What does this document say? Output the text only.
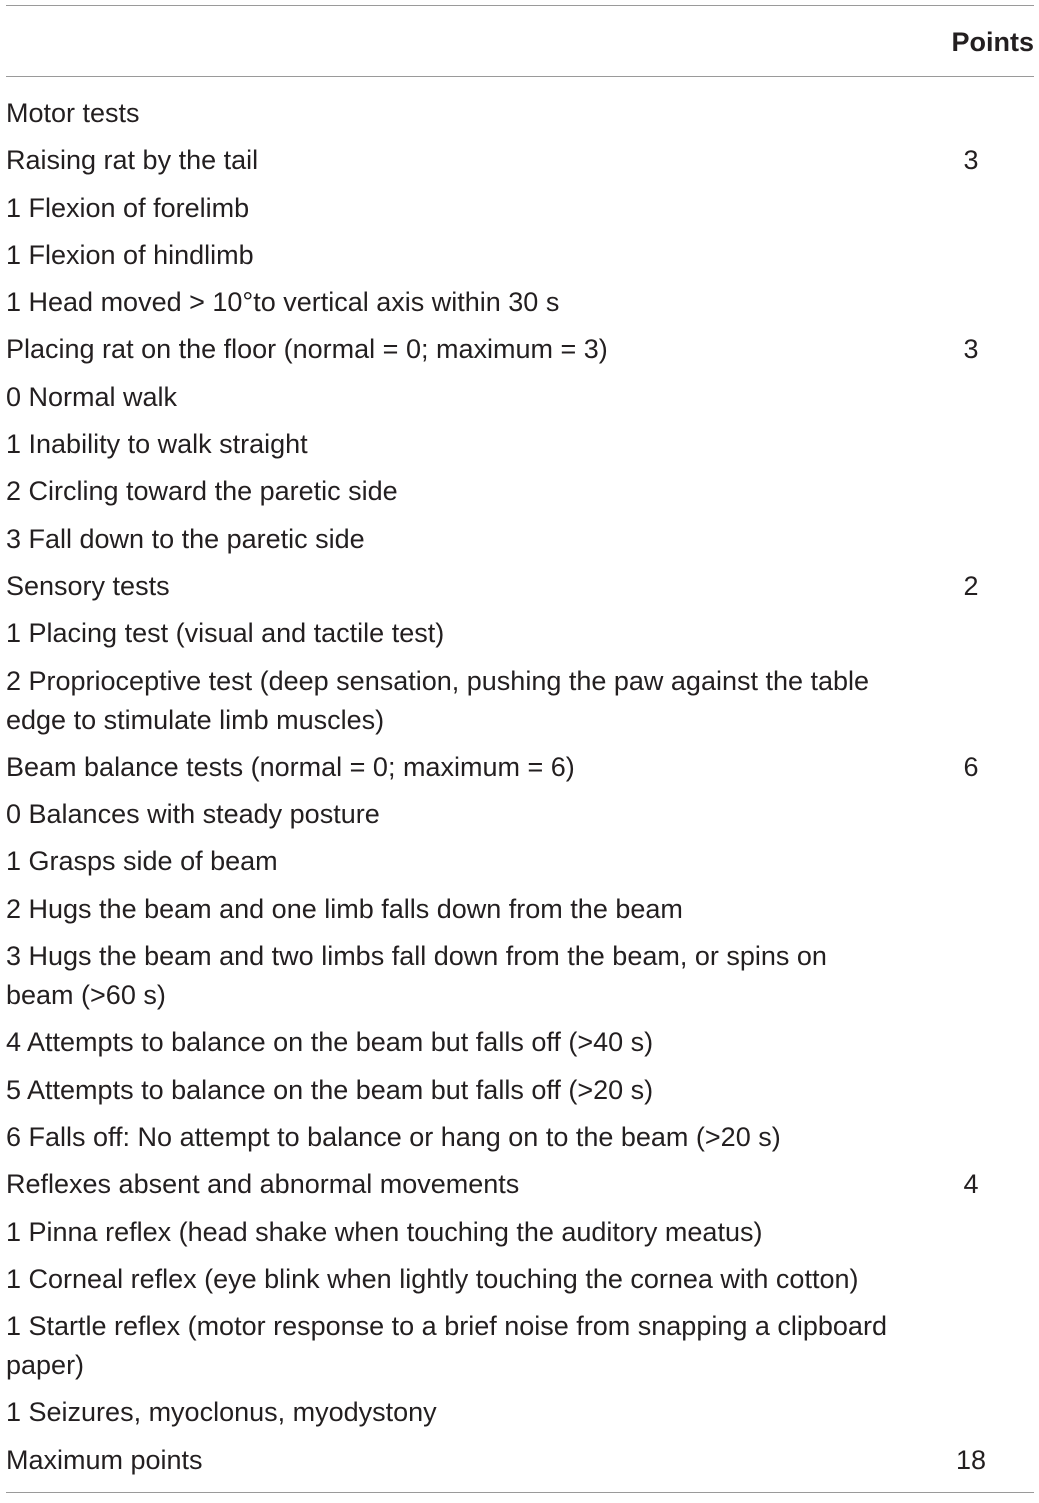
Points
Motor tests
Raising rat by the tail	3
1 Flexion of forelimb
1 Flexion of hindlimb
1 Head moved > 10°to vertical axis within 30 s
Placing rat on the floor (normal = 0; maximum = 3)	3
0 Normal walk
1 Inability to walk straight
2 Circling toward the paretic side
3 Fall down to the paretic side
Sensory tests	2
1 Placing test (visual and tactile test)
2 Proprioceptive test (deep sensation, pushing the paw against the table edge to stimulate limb muscles)
Beam balance tests (normal = 0; maximum = 6)	6
0 Balances with steady posture
1 Grasps side of beam
2 Hugs the beam and one limb falls down from the beam
3 Hugs the beam and two limbs fall down from the beam, or spins on beam (>60 s)
4 Attempts to balance on the beam but falls off (>40 s)
5 Attempts to balance on the beam but falls off (>20 s)
6 Falls off: No attempt to balance or hang on to the beam (>20 s)
Reflexes absent and abnormal movements	4
1 Pinna reflex (head shake when touching the auditory meatus)
1 Corneal reflex (eye blink when lightly touching the cornea with cotton)
1 Startle reflex (motor response to a brief noise from snapping a clipboard paper)
1 Seizures, myoclonus, myodystony
Maximum points	18
